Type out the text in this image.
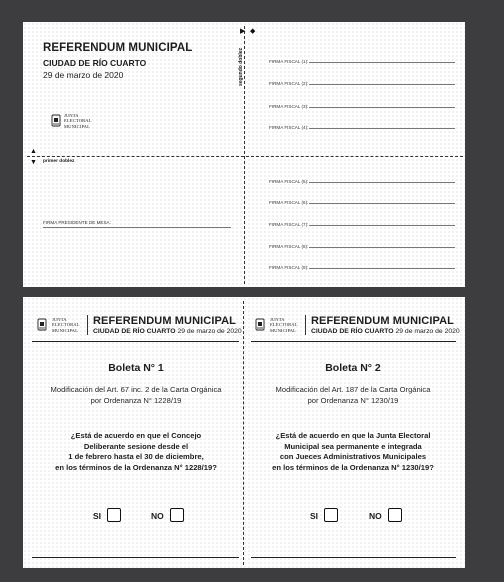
REFERENDUM MUNICIPAL
CIUDAD DE RÍO CUARTO
29 de marzo de 2020
JUNTA
ELECTORAL
MUNICIPAL
▶ ◆
segundo doblez
▲
▼ primer doblez
FIRMA PRESIDENTE DE MESA:
FIRMA FISCAL (1):
FIRMA FISCAL (2):
FIRMA FISCAL (3):
FIRMA FISCAL (4):
FIRMA FISCAL (5):
FIRMA FISCAL (6):
FIRMA FISCAL (7):
FIRMA FISCAL (8):
FIRMA FISCAL (9):
JUNTA
ELECTORAL
MUNICIPAL
REFERENDUM MUNICIPAL
CIUDAD DE RÍO CUARTO 29 de marzo de 2020
Boleta N° 1
Modificación del Art. 67 inc. 2 de la Carta Orgánica
por Ordenanza N° 1228/19
¿Está de acuerdo en que el Concejo
Deliberante sesione desde el
1 de febrero hasta el 30 de diciembre,
en los términos de la Ordenanza N° 1228/19?
SI	NO
JUNTA
ELECTORAL
MUNICIPAL
REFERENDUM MUNICIPAL
CIUDAD DE RÍO CUARTO 29 de marzo de 2020
Boleta N° 2
Modificación del Art. 187 de la Carta Orgánica
por Ordenanza N° 1230/19
¿Está de acuerdo en que la Junta Electoral
Municipal sea permanente e integrada
con Jueces Administrativos Municipales
en los términos de la Ordenanza N° 1230/19?
SI	NO
